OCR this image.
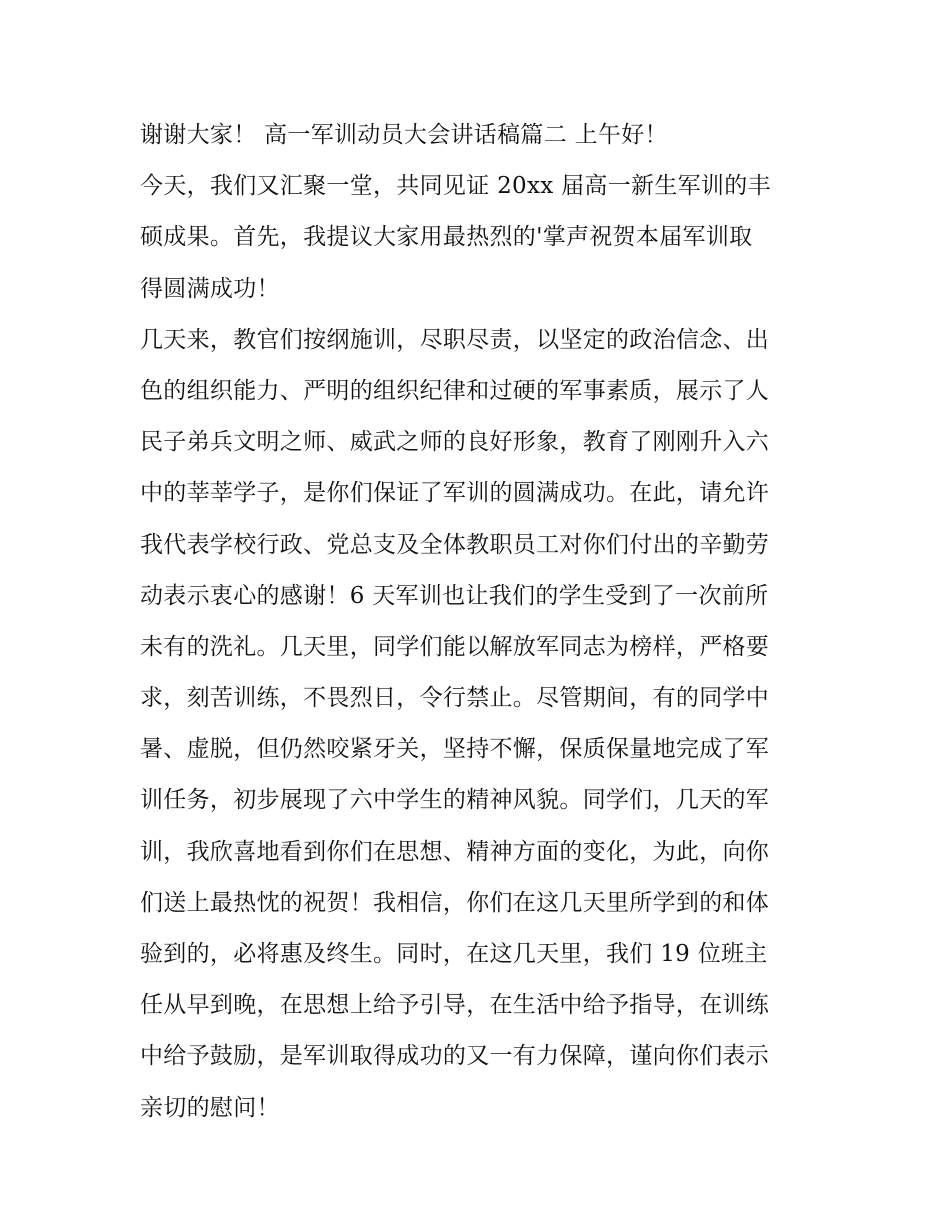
谢谢大家！ 高一军训动员大会讲话稿篇二 上午好！
今天，我们又汇聚一堂，共同见证 20xx 届高一新生军训的丰
硕成果。首先，我提议大家用最热烈的'掌声祝贺本届军训取
得圆满成功！
几天来，教官们按纲施训，尽职尽责，以坚定的政治信念、出
色的组织能力、严明的组织纪律和过硬的军事素质，展示了人
民子弟兵文明之师、威武之师的良好形象，教育了刚刚升入六
中的莘莘学子，是你们保证了军训的圆满成功。在此，请允许
我代表学校行政、党总支及全体教职员工对你们付出的辛勤劳
动表示衷心的感谢！6 天军训也让我们的学生受到了一次前所
未有的洗礼。几天里，同学们能以解放军同志为榜样，严格要
求，刻苦训练，不畏烈日，令行禁止。尽管期间，有的同学中
暑、虚脱，但仍然咬紧牙关，坚持不懈，保质保量地完成了军
训任务，初步展现了六中学生的精神风貌。同学们，几天的军
训，我欣喜地看到你们在思想、精神方面的变化，为此，向你
们送上最热忱的祝贺！我相信，你们在这几天里所学到的和体
验到的，必将惠及终生。同时，在这几天里，我们 19 位班主
任从早到晚，在思想上给予引导，在生活中给予指导，在训练
中给予鼓励，是军训取得成功的又一有力保障，谨向你们表示
亲切的慰问！
